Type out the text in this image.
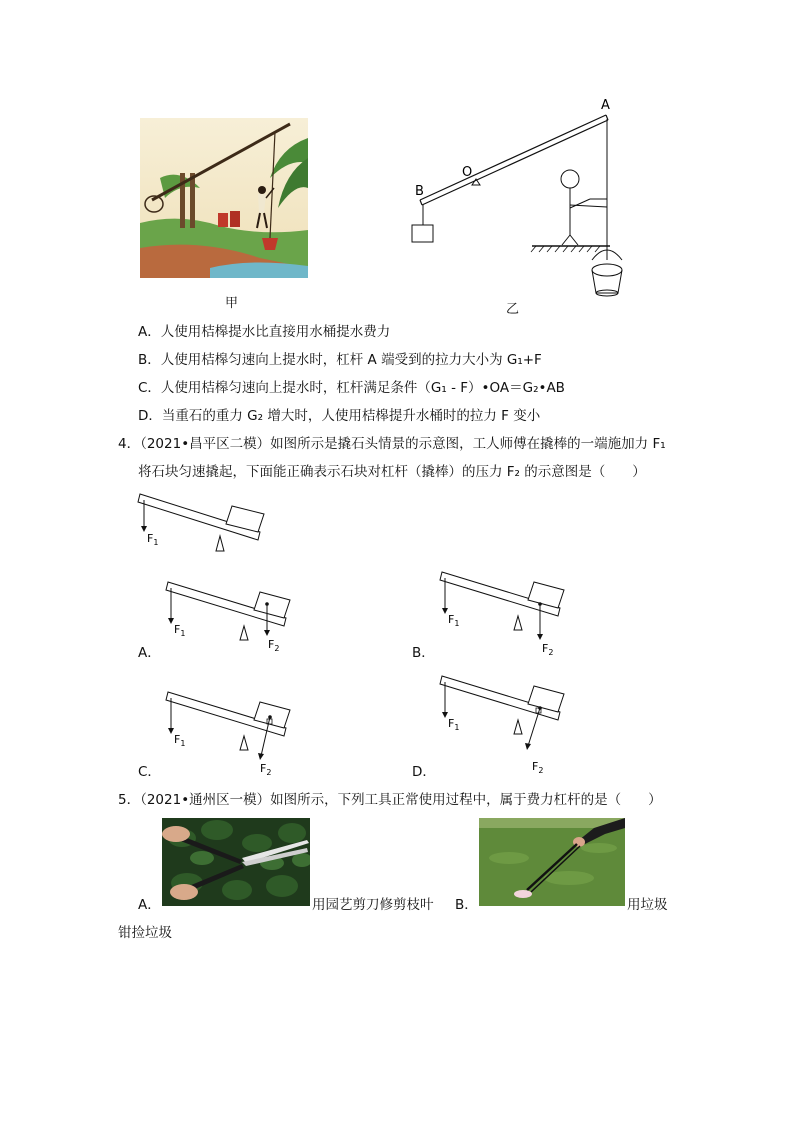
甲
A
B
O
乙
A．人使用桔槔提水比直接用水桶提水费力
B．人使用桔槔匀速向上提水时，杠杆 A 端受到的拉力大小为 G₁+F
C．人使用桔槔匀速向上提水时，杠杆满足条件（G₁ - F）•OA＝G₂•AB
D．当重石的重力 G₂ 增大时，人使用桔槔提升水桶时的拉力 F 变小
4．（2021•昌平区二模）如图所示是撬石头情景的示意图，工人师傅在撬棒的一端施加力 F₁
将石块匀速撬起，下面能正确表示石块对杠杆（撬棒）的压力 F₂ 的示意图是（　　）
$F_1$
$F_1$
$F_2$
A．
$F_1$
$F_2$
B．
$F_1$
$F_2$
C．
$F_1$
$F_2$
D．
5．（2021•通州区一模）如图所示，下列工具正常使用过程中，属于费力杠杆的是（　　）
A．	用园艺剪刀修剪枝叶 B．	用垃圾
钳捡垃圾
